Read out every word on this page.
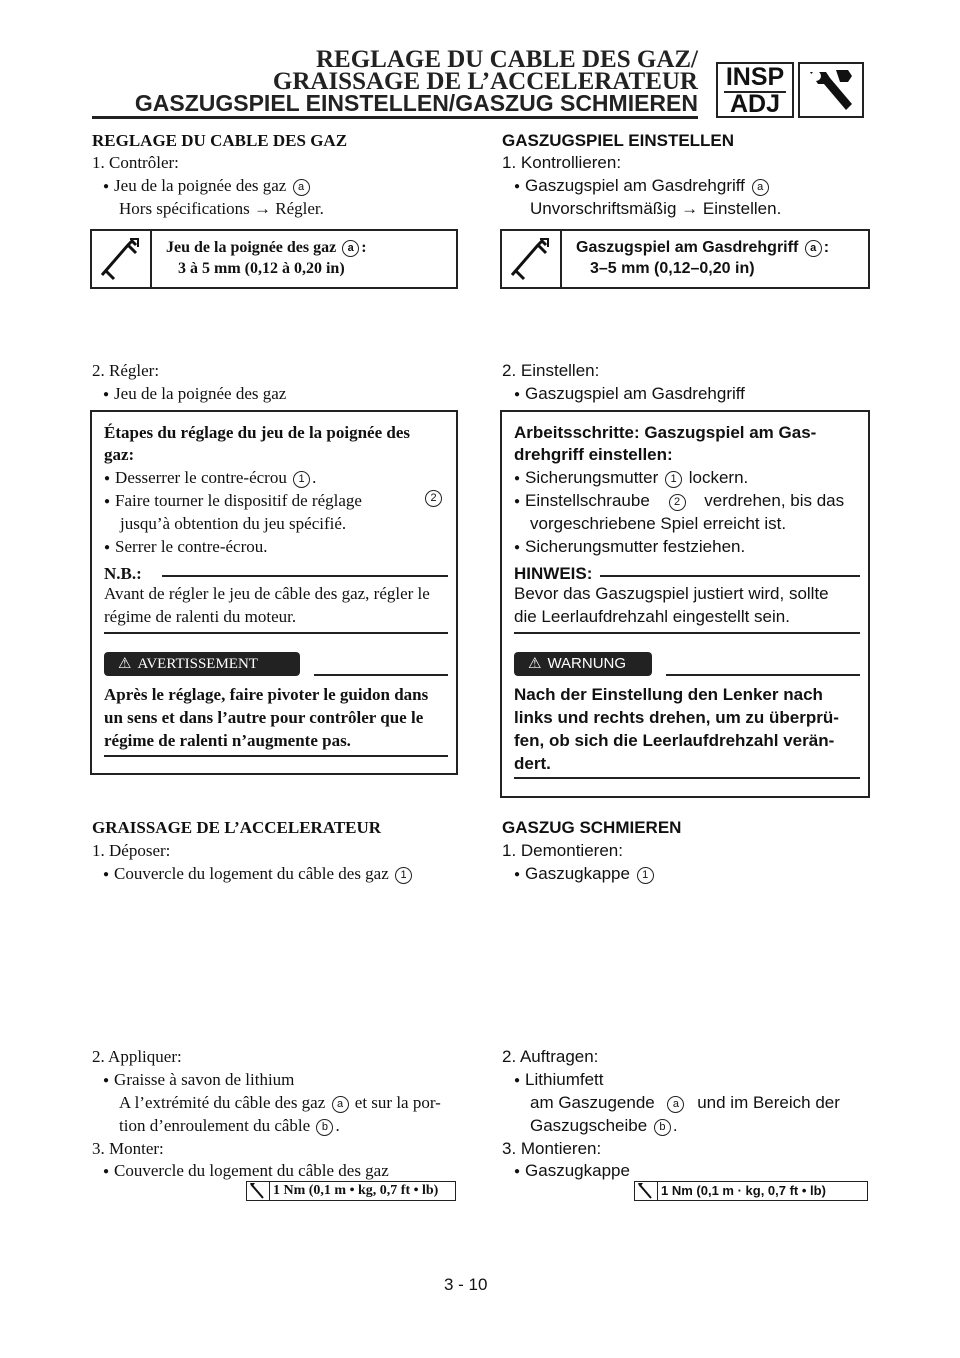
REGLAGE DU CABLE DES GAZ/
GRAISSAGE DE L’ACCELERATEUR
GASZUGSPIEL EINSTELLEN/GASZUG SCHMIEREN
INSP
ADJ
REGLAGE DU CABLE DES GAZ
1. Contrôler:
● Jeu de la poignée des gaz a
Hors spécifications → Régler.
Jeu de la poignée des gaz a :
3 à 5 mm (0,12 à 0,20 in)
2. Régler:
● Jeu de la poignée des gaz
Étapes du réglage du jeu de la poignée des
gaz:
● Desserrer le contre-écrou 1 .
● Faire tourner le dispositif de réglage	2
jusqu’à obtention du jeu spécifié.
● Serrer le contre-écrou.
N.B.:
Avant de régler le jeu de câble des gaz, régler le
régime de ralenti du moteur.
⚠ AVERTISSEMENT
Après le réglage, faire pivoter le guidon dans
un sens et dans l’autre pour contrôler que le
régime de ralenti n’augmente pas.
GRAISSAGE DE L’ACCELERATEUR
1. Déposer:
● Couvercle du logement du câble des gaz 1
2. Appliquer:
● Graisse à savon de lithium
A l’extrémité du câble des gaz a et sur la por-
tion d’enroulement du câble b .
3. Monter:
● Couvercle du logement du câble des gaz
1 Nm (0,1 m • kg, 0,7 ft • lb)
GASZUGSPIEL EINSTELLEN
1. Kontrollieren:
● Gaszugspiel am Gasdrehgriff a
Unvorschriftsmäßig → Einstellen.
Gaszugspiel am Gasdrehgriff a :
3–5 mm (0,12–0,20 in)
2. Einstellen:
● Gaszugspiel am Gasdrehgriff
Arbeitsschritte: Gaszugspiel am Gas-
drehgriff einstellen:
● Sicherungsmutter 1 lockern.
● Einstellschraube 2 verdrehen, bis das
vorgeschriebene Spiel erreicht ist.
● Sicherungsmutter festziehen.
HINWEIS:
Bevor das Gaszugspiel justiert wird, sollte
die Leerlaufdrehzahl eingestellt sein.
⚠ WARNUNG
Nach der Einstellung den Lenker nach
links und rechts drehen, um zu überprü-
fen, ob sich die Leerlaufdrehzahl verän-
dert.
GASZUG SCHMIEREN
1. Demontieren:
● Gaszugkappe 1
2. Auftragen:
● Lithiumfett
am Gaszugende a und im Bereich der
Gaszugscheibe b .
3. Montieren:
● Gaszugkappe
1 Nm (0,1 m · kg, 0,7 ft • lb)
3 - 10
